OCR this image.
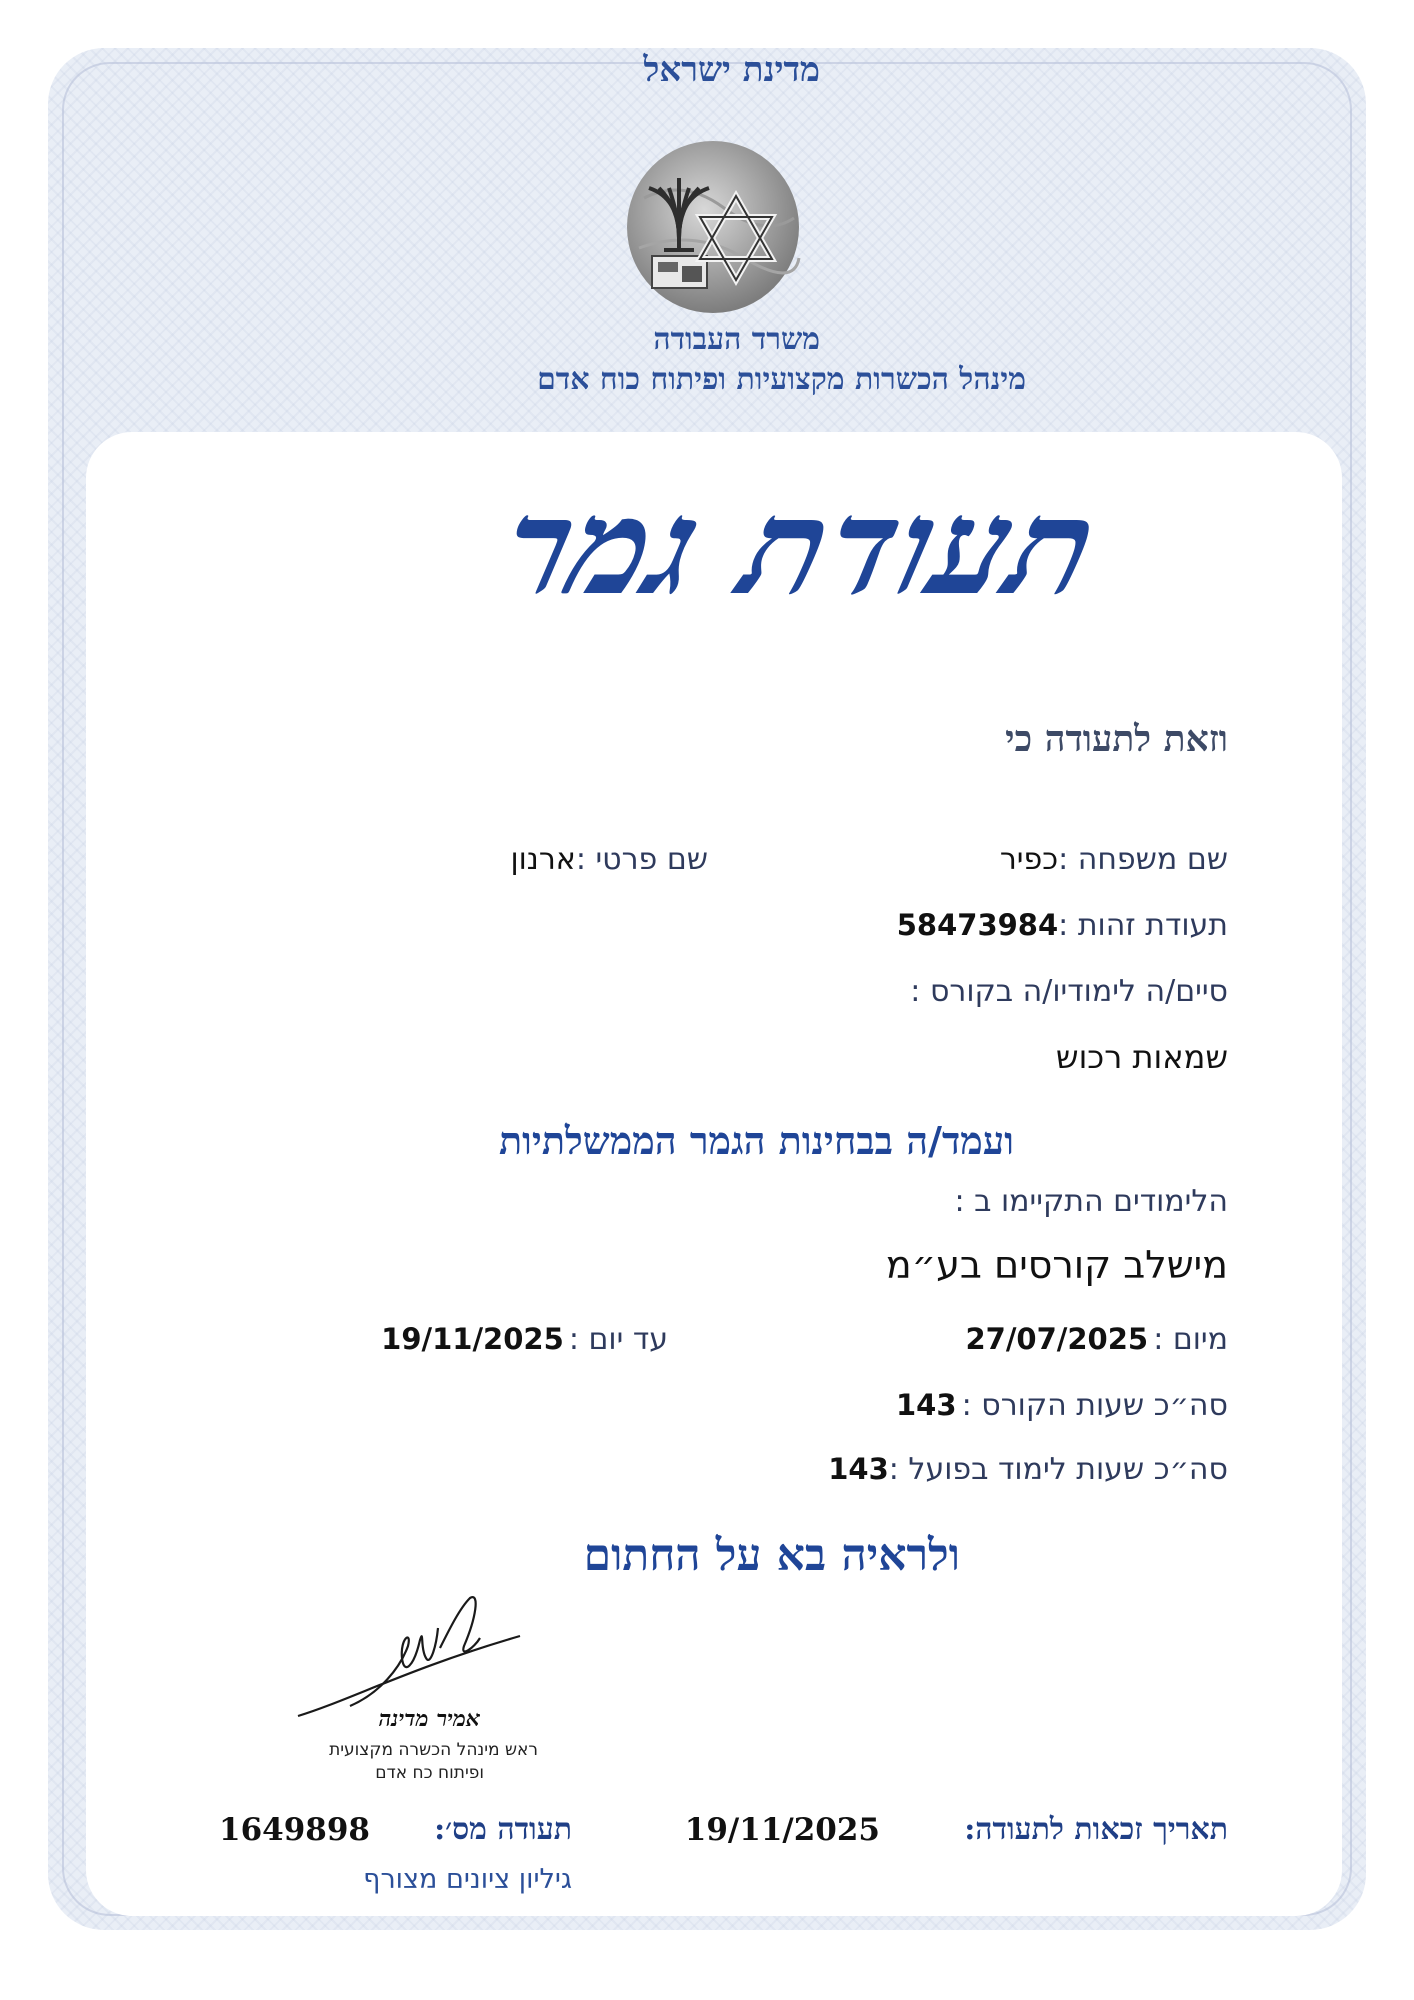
מדינת ישראל
משרד העבודה
מינהל הכשרות מקצועיות ופיתוח כוח אדם
תעודת גמר
וזאת לתעודה כי
שם משפחה :כפיר
שם פרטי :ארנון
תעודת זהות :58473984
סיים/ה לימודיו/ה בקורס :
שמאות רכוש
ועמד/ה בבחינות הגמר הממשלתיות
הלימודים התקיימו ב :
מישלב קורסים בע״מ
מיום : 27/07/2025
עד יום : 19/11/2025
סה״כ שעות הקורס : 143
סה״כ שעות לימוד בפועל :143
ולראיה בא על החתום
אמיר מדינה
ראש מינהל הכשרה מקצועית
ופיתוח כח אדם
תאריך זכאות לתעודה:
19/11/2025
תעודה מס׳:
1649898
גיליון ציונים מצורף
